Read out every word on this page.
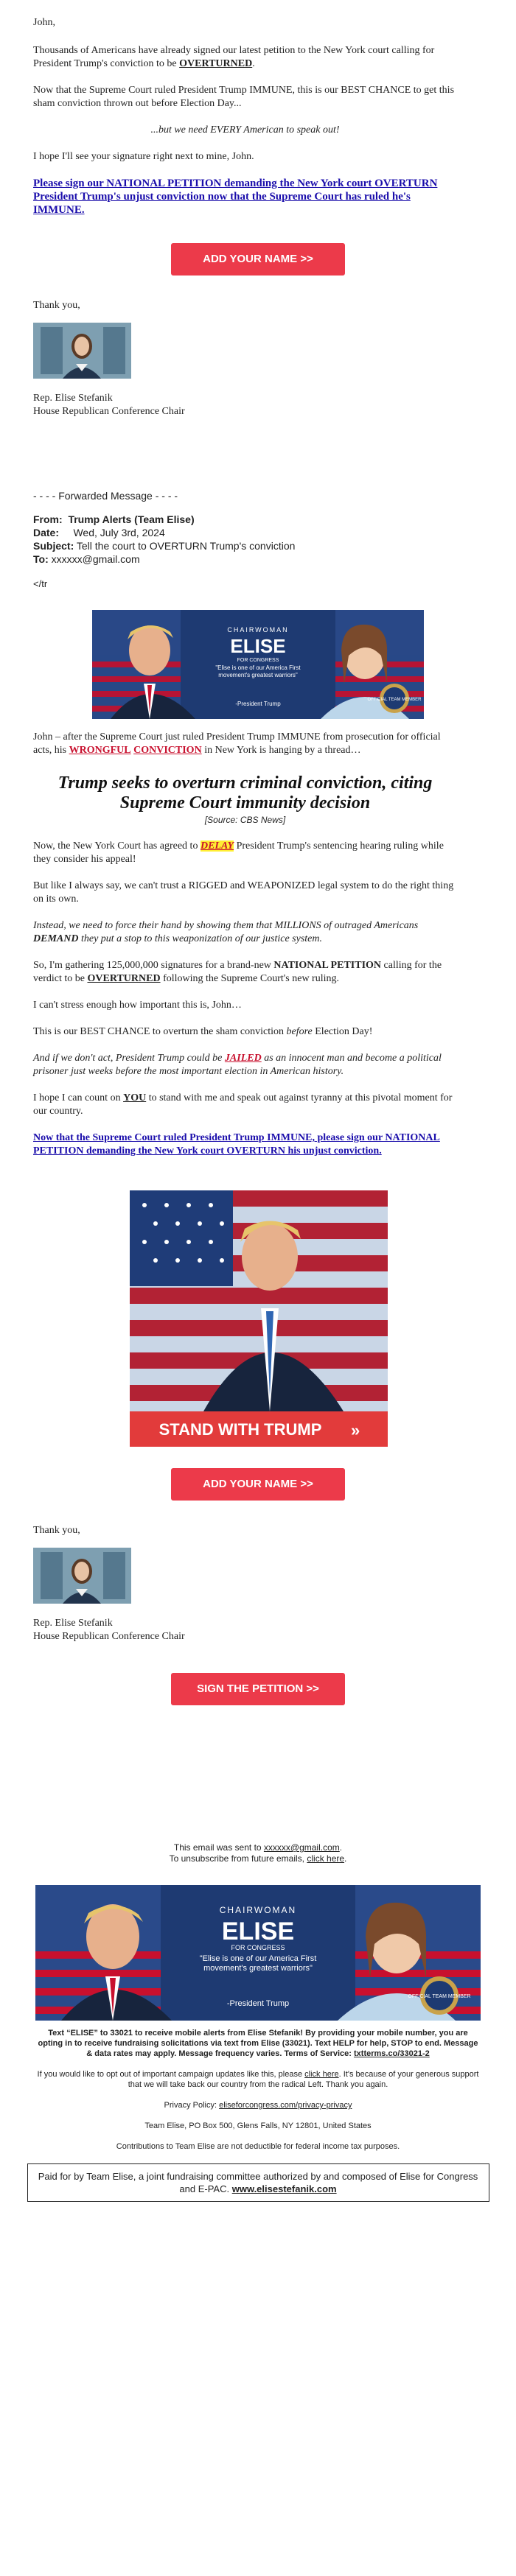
John,

Thousands of Americans have already signed our latest petition to the New York court calling for President Trump's conviction to be OVERTURNED.

Now that the Supreme Court ruled President Trump IMMUNE, this is our BEST CHANCE to get this sham conviction thrown out before Election Day...

...but we need EVERY American to speak out!

I hope I'll see your signature right next to mine, John.

Please sign our NATIONAL PETITION demanding the New York court OVERTURN President Trump's unjust conviction now that the Supreme Court has ruled he's IMMUNE.

ADD YOUR NAME >>

Thank you,

Rep. Elise Stefanik

House Republican Conference Chair

- - - - Forwarded Message - - - -

From: Trump Alerts (Team Elise)

Date: Wed, July 3rd, 2024

Subject: Tell the court to OVERTURN Trump's conviction

To: xxxxxx@gmail.com

</tr

OFFICIAL TEAM MEMBER
CHAIRWOMAN
ELISE
FOR CONGRESS
"Elise is one of our America First movement's greatest warriors"
-President Trump

John – after the Supreme Court just ruled President Trump IMMUNE from prosecution for official acts, his WRONGFUL CONVICTION in New York is hanging by a thread…

Trump seeks to overturn criminal conviction, citing Supreme Court immunity decision
[Source: CBS News]

Now, the New York Court has agreed to DELAY President Trump's sentencing hearing ruling while they consider his appeal!

But like I always say, we can't trust a RIGGED and WEAPONIZED legal system to do the right thing on its own.

Instead, we need to force their hand by showing them that MILLIONS of outraged Americans DEMAND they put a stop to this weaponization of our justice system.

So, I'm gathering 125,000,000 signatures for a brand-new NATIONAL PETITION calling for the verdict to be OVERTURNED following the Supreme Court's new ruling.

I can't stress enough how important this is, John…

This is our BEST CHANCE to overturn the sham conviction before Election Day!

And if we don't act, President Trump could be JAILED as an innocent man and become a political prisoner just weeks before the most important election in American history.

I hope I can count on YOU to stand with me and speak out against tyranny at this pivotal moment for our country.

Now that the Supreme Court ruled President Trump IMMUNE, please sign our NATIONAL PETITION demanding the New York court OVERTURN his unjust conviction.

STAND WITH TRUMP »
ADD YOUR NAME >>

Thank you,

Rep. Elise Stefanik

House Republican Conference Chair

SIGN THE PETITION >>
This email was sent to xxxxxx@gmail.com.
To unsubscribe from future emails, click here.
OFFICIAL TEAM MEMBER
CHAIRWOMAN
ELISE
FOR CONGRESS
"Elise is one of our America First movement's greatest warriors"
-President Trump
Text “ELISE” to 33021 to receive mobile alerts from Elise Stefanik! By providing your mobile number, you are opting in to receive fundraising solicitations via text from Elise (33021). Text HELP for help, STOP to end. Message & data rates may apply. Message frequency varies. Terms of Service: txtterms.co/33021-2
If you would like to opt out of important campaign updates like this, please click here. It's because of your generous support that we will take back our country from the radical Left. Thank you again.
Privacy Policy: eliseforcongress.com/privacy-privacy
Team Elise, PO Box 500, Glens Falls, NY 12801, United States
Contributions to Team Elise are not deductible for federal income tax purposes.
Paid for by Team Elise, a joint fundraising committee authorized by and composed of Elise for Congress and E-PAC. www.elisestefanik.com
